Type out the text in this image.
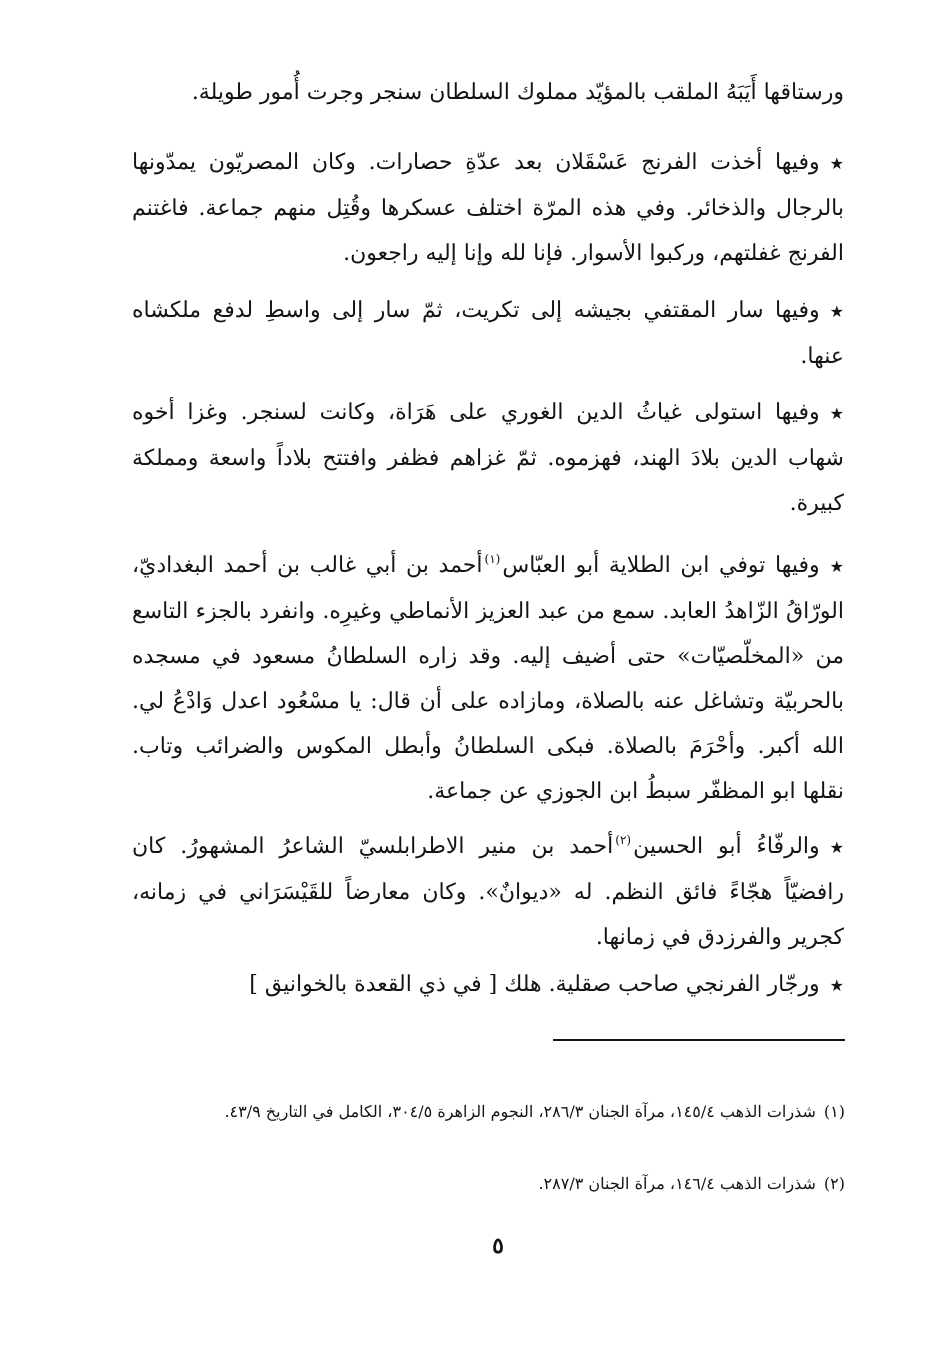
ورستاقها أَيَبَهُ الملقب بالمؤيّد مملوك السلطان سنجر وجرت أُمور طويلة.

★وفيها أخذت الفرنج عَسْقَلان بعد عدّةِ حصارات. وكان المصريّون يمدّونها بالرجال والذخائر. وفي هذه المرّة اختلف عسكرها وقُتِل منهم جماعة. فاغتنم الفرنج غفلتهم، وركبوا الأسوار. فإنا لله وإنا إليه راجعون.

★وفيها سار المقتفي بجيشه إلى تكريت، ثمّ سار إلى واسطِ لدفع ملكشاه عنها.

★وفيها استولى غياثُ الدين الغوري على هَرَاة، وكانت لسنجر. وغزا أخوه شهاب الدين بلادَ الهند، فهزموه. ثمّ غزاهم فظفر وافتتح بلاداً واسعة ومملكة كبيرة.

★وفيها توفي ابن الطلاية أبو العبّاس$^{(١)}$أحمد بن أبي غالب بن أحمد البغداديّ، الورّاقُ الزّاهدُ العابد. سمع من عبد العزيز الأنماطي وغيرِه. وانفرد بالجزء التاسع من «المخلّصيّات» حتى أضيف إليه. وقد زاره السلطانُ مسعود في مسجده بالحربيّة وتشاغل عنه بالصلاة، ومازاده على أن قال: يا مسْعُود اعدل وَادْعُ لي. الله أكبر. وأحْرَمَ بالصلاة. فبكى السلطانُ وأبطل المكوس والضرائب وتاب. نقلها ابو المظفّر سبطُ ابن الجوزي عن جماعة.

★والرفّاءُ أبو الحسين$^{(٢)}$أحمد بن منير الاطرابلسيّ الشاعرُ المشهورُ. كان رافضيّاً هجّاءً فائق النظم. له «ديوانٌ». وكان معارضاً للقَيْسَرَاني في زمانه، كجرير والفرزدق في زمانها.

★ورجّار الفرنجي صاحب صقلية. هلك [ في ذي القعدة بالخوانيق ]

(١)شذرات الذهب ١٤٥/٤، مرآة الجنان ٢٨٦/٣، النجوم الزاهرة ٣٠٤/٥، الكامل في التاريخ ٤٣/٩.
(٢)شذرات الذهب ١٤٦/٤، مرآة الجنان ٢٨٧/٣.
٥
